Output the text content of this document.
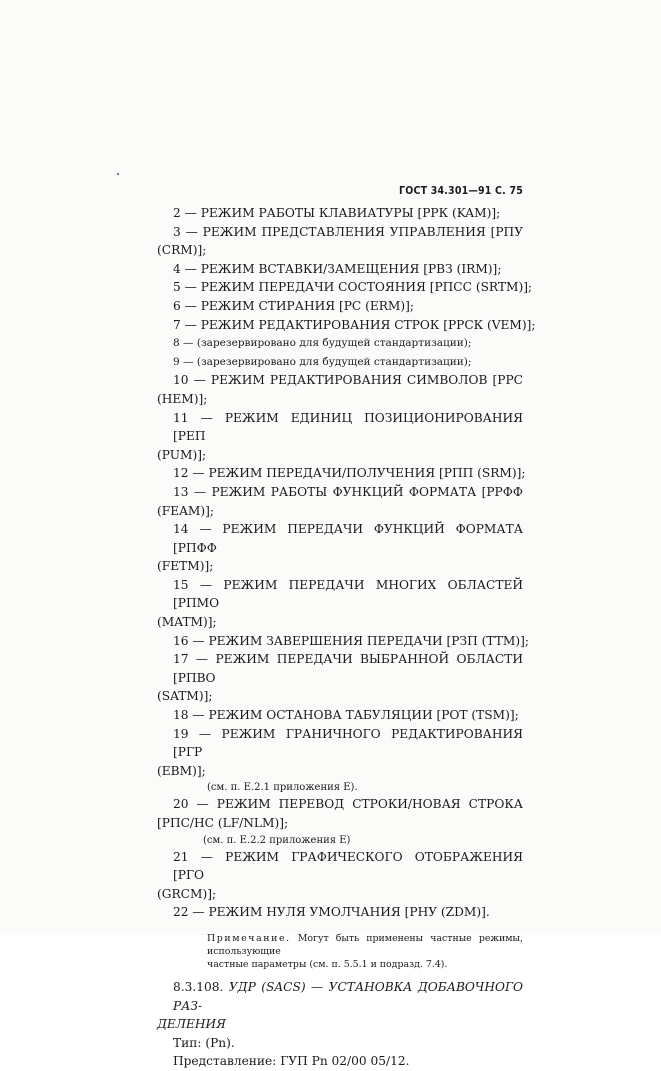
ГОСТ 34.301—91 С. 75
2 — РЕЖИМ РАБОТЫ КЛАВИАТУРЫ [РРК (KAM)];
3 — РЕЖИМ ПРЕДСТАВЛЕНИЯ УПРАВЛЕНИЯ [РПУ
(CRM)];
4 — РЕЖИМ ВСТАВКИ/ЗАМЕЩЕНИЯ [РВЗ (IRM)];
5 — РЕЖИМ ПЕРЕДАЧИ СОСТОЯНИЯ [РПСС (SRTM)];
6 — РЕЖИМ СТИРАНИЯ [РС (ERM)];
7 — РЕЖИМ РЕДАКТИРОВАНИЯ СТРОК [РРСК (VEM)];
8 — (зарезервировано для будущей стандартизации);
9 — (зарезервировано для будущей стандартизации);
10 — РЕЖИМ РЕДАКТИРОВАНИЯ СИМВОЛОВ [РРС
(HEM)];
11 — РЕЖИМ ЕДИНИЦ ПОЗИЦИОНИРОВАНИЯ [РЕП
(PUM)];
12 — РЕЖИМ ПЕРЕДАЧИ/ПОЛУЧЕНИЯ [РПП (SRM)];
13 — РЕЖИМ РАБОТЫ ФУНКЦИЙ ФОРМАТА [РРФФ
(FEAM)];
14 — РЕЖИМ ПЕРЕДАЧИ ФУНКЦИЙ ФОРМАТА [РПФФ
(FETM)];
15 — РЕЖИМ ПЕРЕДАЧИ МНОГИХ ОБЛАСТЕЙ [РПМО
(MATM)];
16 — РЕЖИМ ЗАВЕРШЕНИЯ ПЕРЕДАЧИ [РЗП (TTM)];
17 — РЕЖИМ ПЕРЕДАЧИ ВЫБРАННОЙ ОБЛАСТИ [РПВО
(SATM)];
18 — РЕЖИМ ОСТАНОВА ТАБУЛЯЦИИ [РОТ (TSM)];
19 — РЕЖИМ ГРАНИЧНОГО РЕДАКТИРОВАНИЯ [РГР
(EBM)];
(см. п. Е.2.1 приложения Е).
20 — РЕЖИМ ПЕРЕВОД СТРОКИ/НОВАЯ СТРОКА
[РПС/НС (LF/NLM)];
(см. п. Е.2.2 приложения Е)
21 — РЕЖИМ ГРАФИЧЕСКОГО ОТОБРАЖЕНИЯ [РГО
(GRCM)];
22 — РЕЖИМ НУЛЯ УМОЛЧАНИЯ [РНУ (ZDM)].
Примечание. Могут быть применены частные режимы, использующие
частные параметры (см. п. 5.5.1 и подразд. 7.4).
8.3.108. УДР (SACS) — УСТАНОВКА ДОБАВОЧНОГО РАЗ-
ДЕЛЕНИЯ
Тип: (Pn).
Представление: ГУП Pn 02/00 05/12.
